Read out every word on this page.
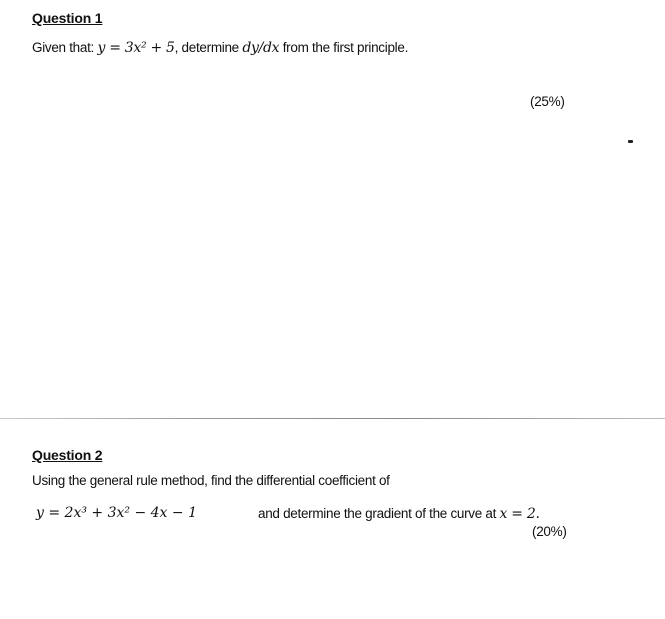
Question 1
Given that: y = 3x² + 5, determine dy/dx from the first principle.
(25%)
Question 2
Using the general rule method, find the differential coefficient of
y = 2x³ + 3x² − 4x − 1	and determine the gradient of the curve at x = 2.
(20%)
